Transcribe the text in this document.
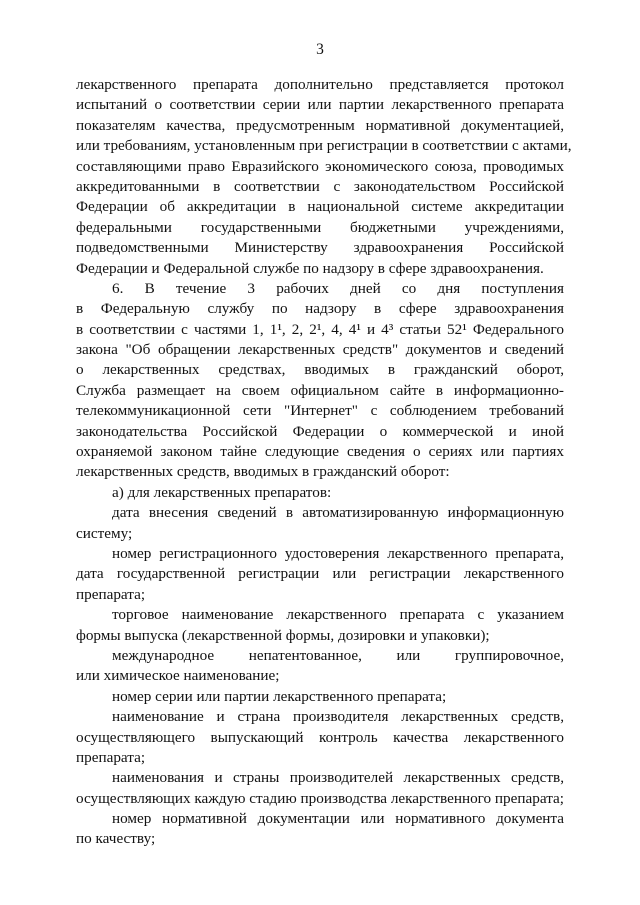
3
лекарственного препарата дополнительно представляется протокол
испытаний о соответствии серии или партии лекарственного препарата
показателям качества, предусмотренным нормативной документацией,
или требованиям, установленным при регистрации в соответствии с актами,
составляющими право Евразийского экономического союза, проводимых
аккредитованными в соответствии с законодательством Российской
Федерации об аккредитации в национальной системе аккредитации
федеральными государственными бюджетными учреждениями,
подведомственными Министерству здравоохранения Российской
Федерации и Федеральной службе по надзору в сфере здравоохранения.
6. В течение 3 рабочих дней со дня поступления
в Федеральную службу по надзору в сфере здравоохранения
в соответствии с частями 1, 1¹, 2, 2¹, 4, 4¹ и 4³ статьи 52¹ Федерального
закона "Об обращении лекарственных средств" документов и сведений
о лекарственных средствах, вводимых в гражданский оборот,
Служба размещает на своем официальном сайте в информационно-
телекоммуникационной сети "Интернет" с соблюдением требований
законодательства Российской Федерации о коммерческой и иной
охраняемой законом тайне следующие сведения о сериях или партиях
лекарственных средств, вводимых в гражданский оборот:
а) для лекарственных препаратов:
дата внесения сведений в автоматизированную информационную
систему;
номер регистрационного удостоверения лекарственного препарата,
дата государственной регистрации или регистрации лекарственного
препарата;
торговое наименование лекарственного препарата с указанием
формы выпуска (лекарственной формы, дозировки и упаковки);
международное непатентованное, или группировочное,
или химическое наименование;
номер серии или партии лекарственного препарата;
наименование и страна производителя лекарственных средств,
осуществляющего выпускающий контроль качества лекарственного
препарата;
наименования и страны производителей лекарственных средств,
осуществляющих каждую стадию производства лекарственного препарата;
номер нормативной документации или нормативного документа
по качеству;
